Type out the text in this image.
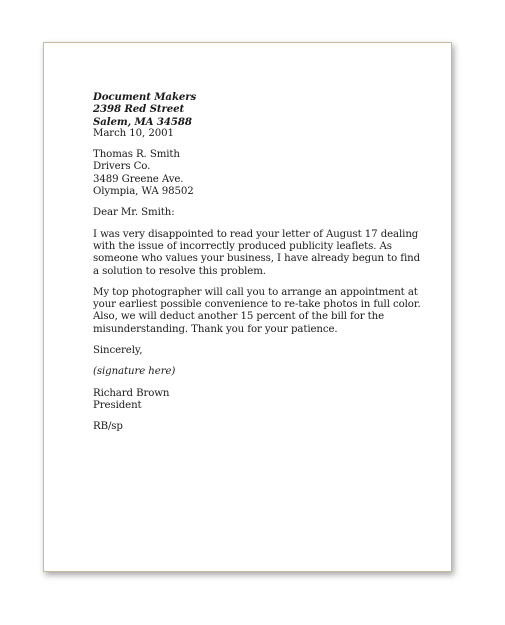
Document Makers
2398 Red Street
Salem, MA 34588
March 10, 2001
Thomas R. Smith
Drivers Co.
3489 Greene Ave.
Olympia, WA 98502

Dear Mr. Smith:

I was very disappointed to read your letter of August 17 dealing with the issue of incorrectly produced publicity leaflets. As someone who values your business, I have already begun to find a solution to resolve this problem.

My top photographer will call you to arrange an appointment at your earliest possible convenience to re-take photos in full color. Also, we will deduct another 15 percent of the bill for the misunderstanding. Thank you for your patience.

Sincerely,

(signature here)

Richard Brown
President

RB/sp
